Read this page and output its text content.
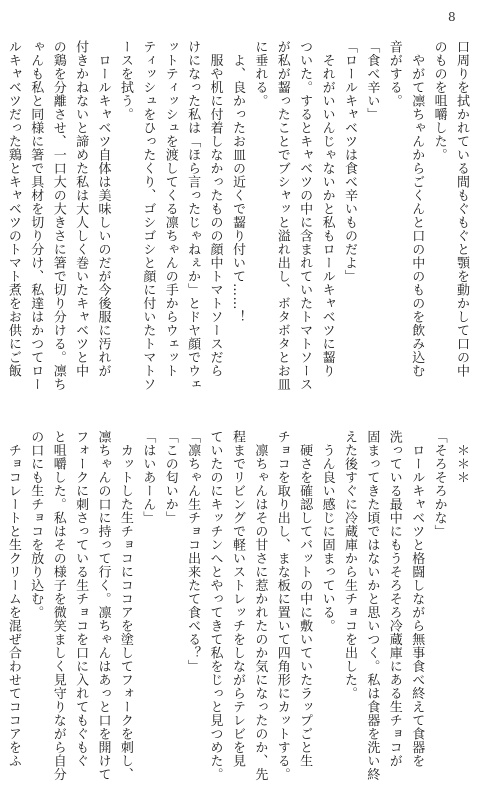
8
口周りを拭かれている間もぐもぐと顎を動かして口の中
のものを咀嚼した。
　やがて凛ちゃんからごくんと口の中のものを飲み込む
音がする。
「食べ辛い」
「ロールキャベツは食べ辛いものだよ」
　それがいいんじゃないかと私もロールキャベツに齧り
ついた。するとキャベツの中に含まれていたトマトソース
が私が齧ったことでブシャッと溢れ出し、ボタボタとお皿
に垂れる。
　よ、良かったお皿の近くで齧り付いて……！
　服や机に付着しなかったものの顔中トマトソースだら
けになった私は「ほら言ったじゃねぇか」とドヤ顔でウェ
ットティッシュを渡してくる凛ちゃんの手からウェット
ティッシュをひったくり、ゴシゴシと顔に付いたトマトソ
ースを拭う。
　ロールキャベツ自体は美味しいのだが今後服に汚れが
付きかねないと諦めた私は大人しく巻いたキャベツと中
の鶏を分離させ、一口大の大きさに箸で切り分ける。凛ち
ゃんも私と同様に箸で具材を切り分け、私達はかつてロー
ルキャベツだった鶏とキャベツのトマト煮をお供にご飯
　＊＊＊
「そろそろかな」
　ロールキャベツと格闘しながら無事食べ終えて食器を
洗っている最中にもうそろそろ冷蔵庫にある生チョコが
固まってきた頃ではないかと思いつく。私は食器を洗い終
えた後すぐに冷蔵庫から生チョコを出した。
　うん良い感じに固まっている。
　硬さを確認してバットの中に敷いていたラップごと生
チョコを取り出し、まな板に置いて四角形にカットする。
　凛ちゃんはその甘さに惹かれたのか気になったのか、先
程までリビングで軽いストレッチをしながらテレビを見
ていたのにキッチンへとやってきて私をじっと見つめた。
「凛ちゃん生チョコ出来たて食べる？」
「この匂いか」
「はいあーん」
　カットした生チョコにココアを塗してフォークを刺し、
凛ちゃんの口に持って行く。凛ちゃんはあっと口を開けて
フォークに刺さっている生チョコを口に入れてもぐもぐ
と咀嚼した。私はその様子を微笑ましく見守りながら自分
の口にも生チョコを放り込む。
　チョコレートと生クリームを混ぜ合わせてココアをふ
